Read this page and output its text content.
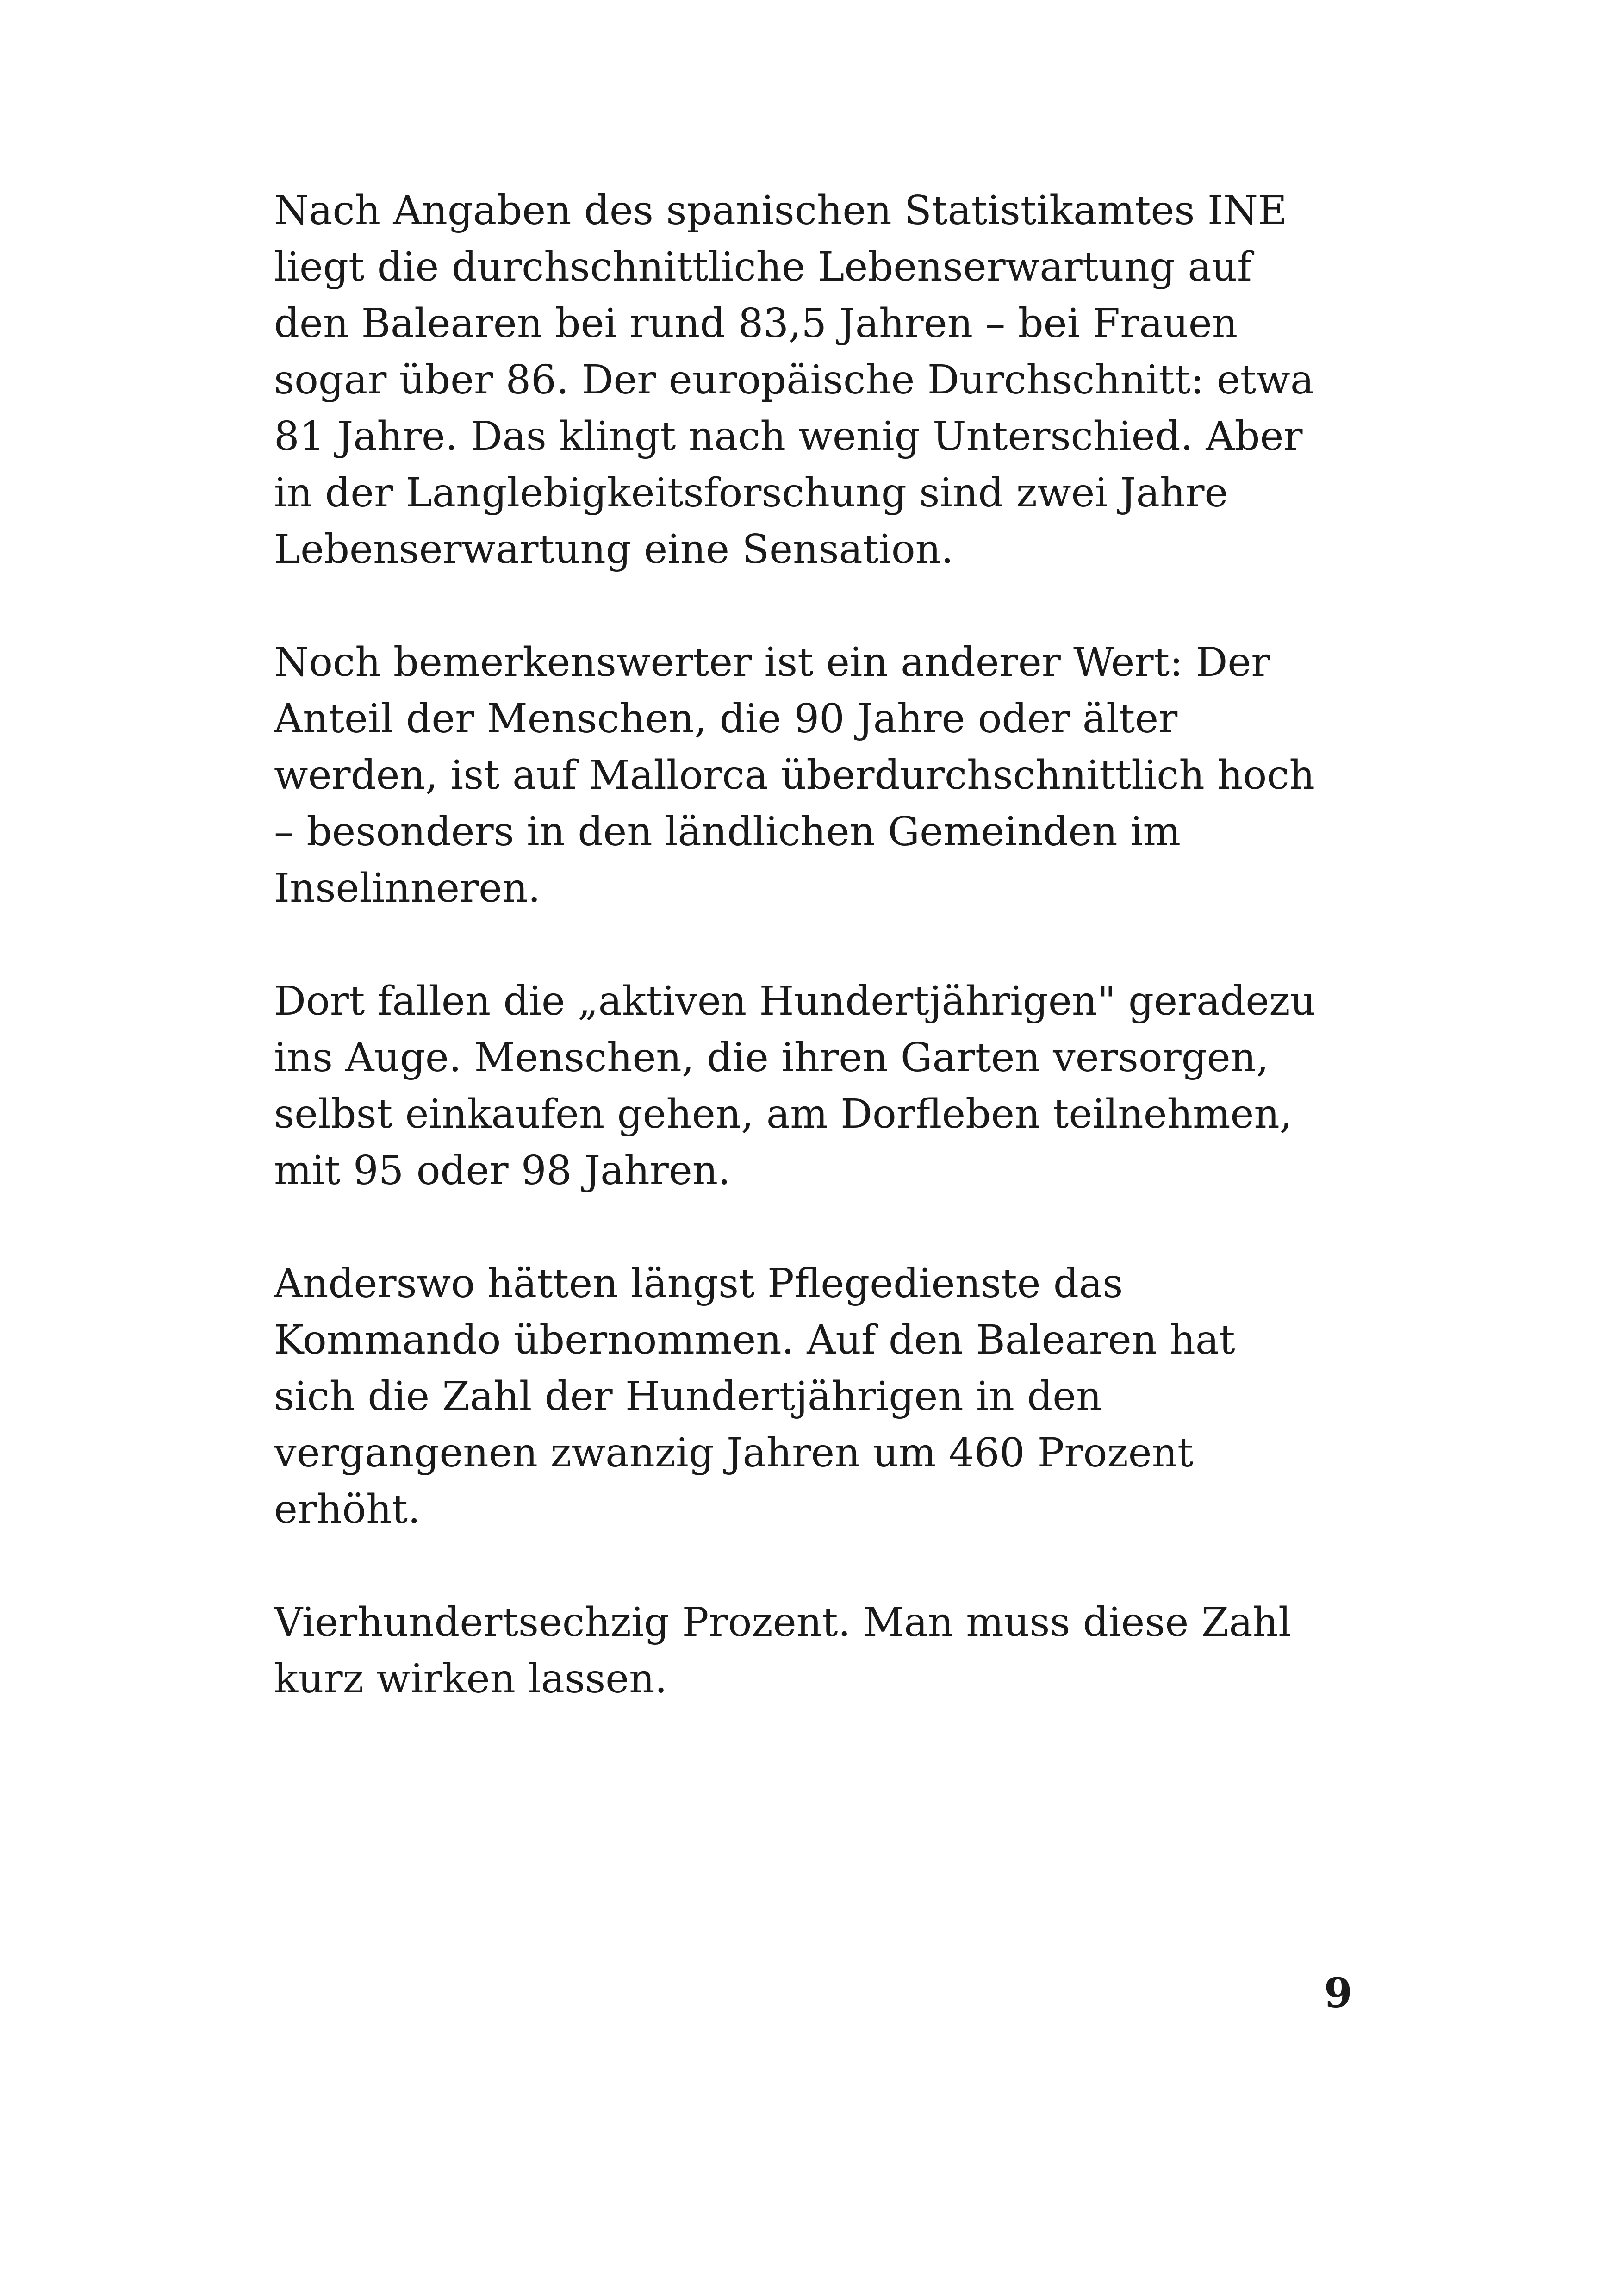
Nach Angaben des spanischen Statistikamtes INE
liegt die durchschnittliche Lebenserwartung auf
den Balearen bei rund 83,5 Jahren – bei Frauen
sogar über 86. Der europäische Durchschnitt: etwa
81 Jahre. Das klingt nach wenig Unterschied. Aber
in der Langlebigkeitsforschung sind zwei Jahre
Lebenserwartung eine Sensation.

Noch bemerkenswerter ist ein anderer Wert: Der
Anteil der Menschen, die 90 Jahre oder älter
werden, ist auf Mallorca überdurchschnittlich hoch
– besonders in den ländlichen Gemeinden im
Inselinneren.

Dort fallen die „aktiven Hundertjährigen" geradezu
ins Auge. Menschen, die ihren Garten versorgen,
selbst einkaufen gehen, am Dorfleben teilnehmen,
mit 95 oder 98 Jahren.

Anderswo hätten längst Pflegedienste das
Kommando übernommen. Auf den Balearen hat
sich die Zahl der Hundertjährigen in den
vergangenen zwanzig Jahren um 460 Prozent
erhöht.

Vierhundertsechzig Prozent. Man muss diese Zahl
kurz wirken lassen.

9
